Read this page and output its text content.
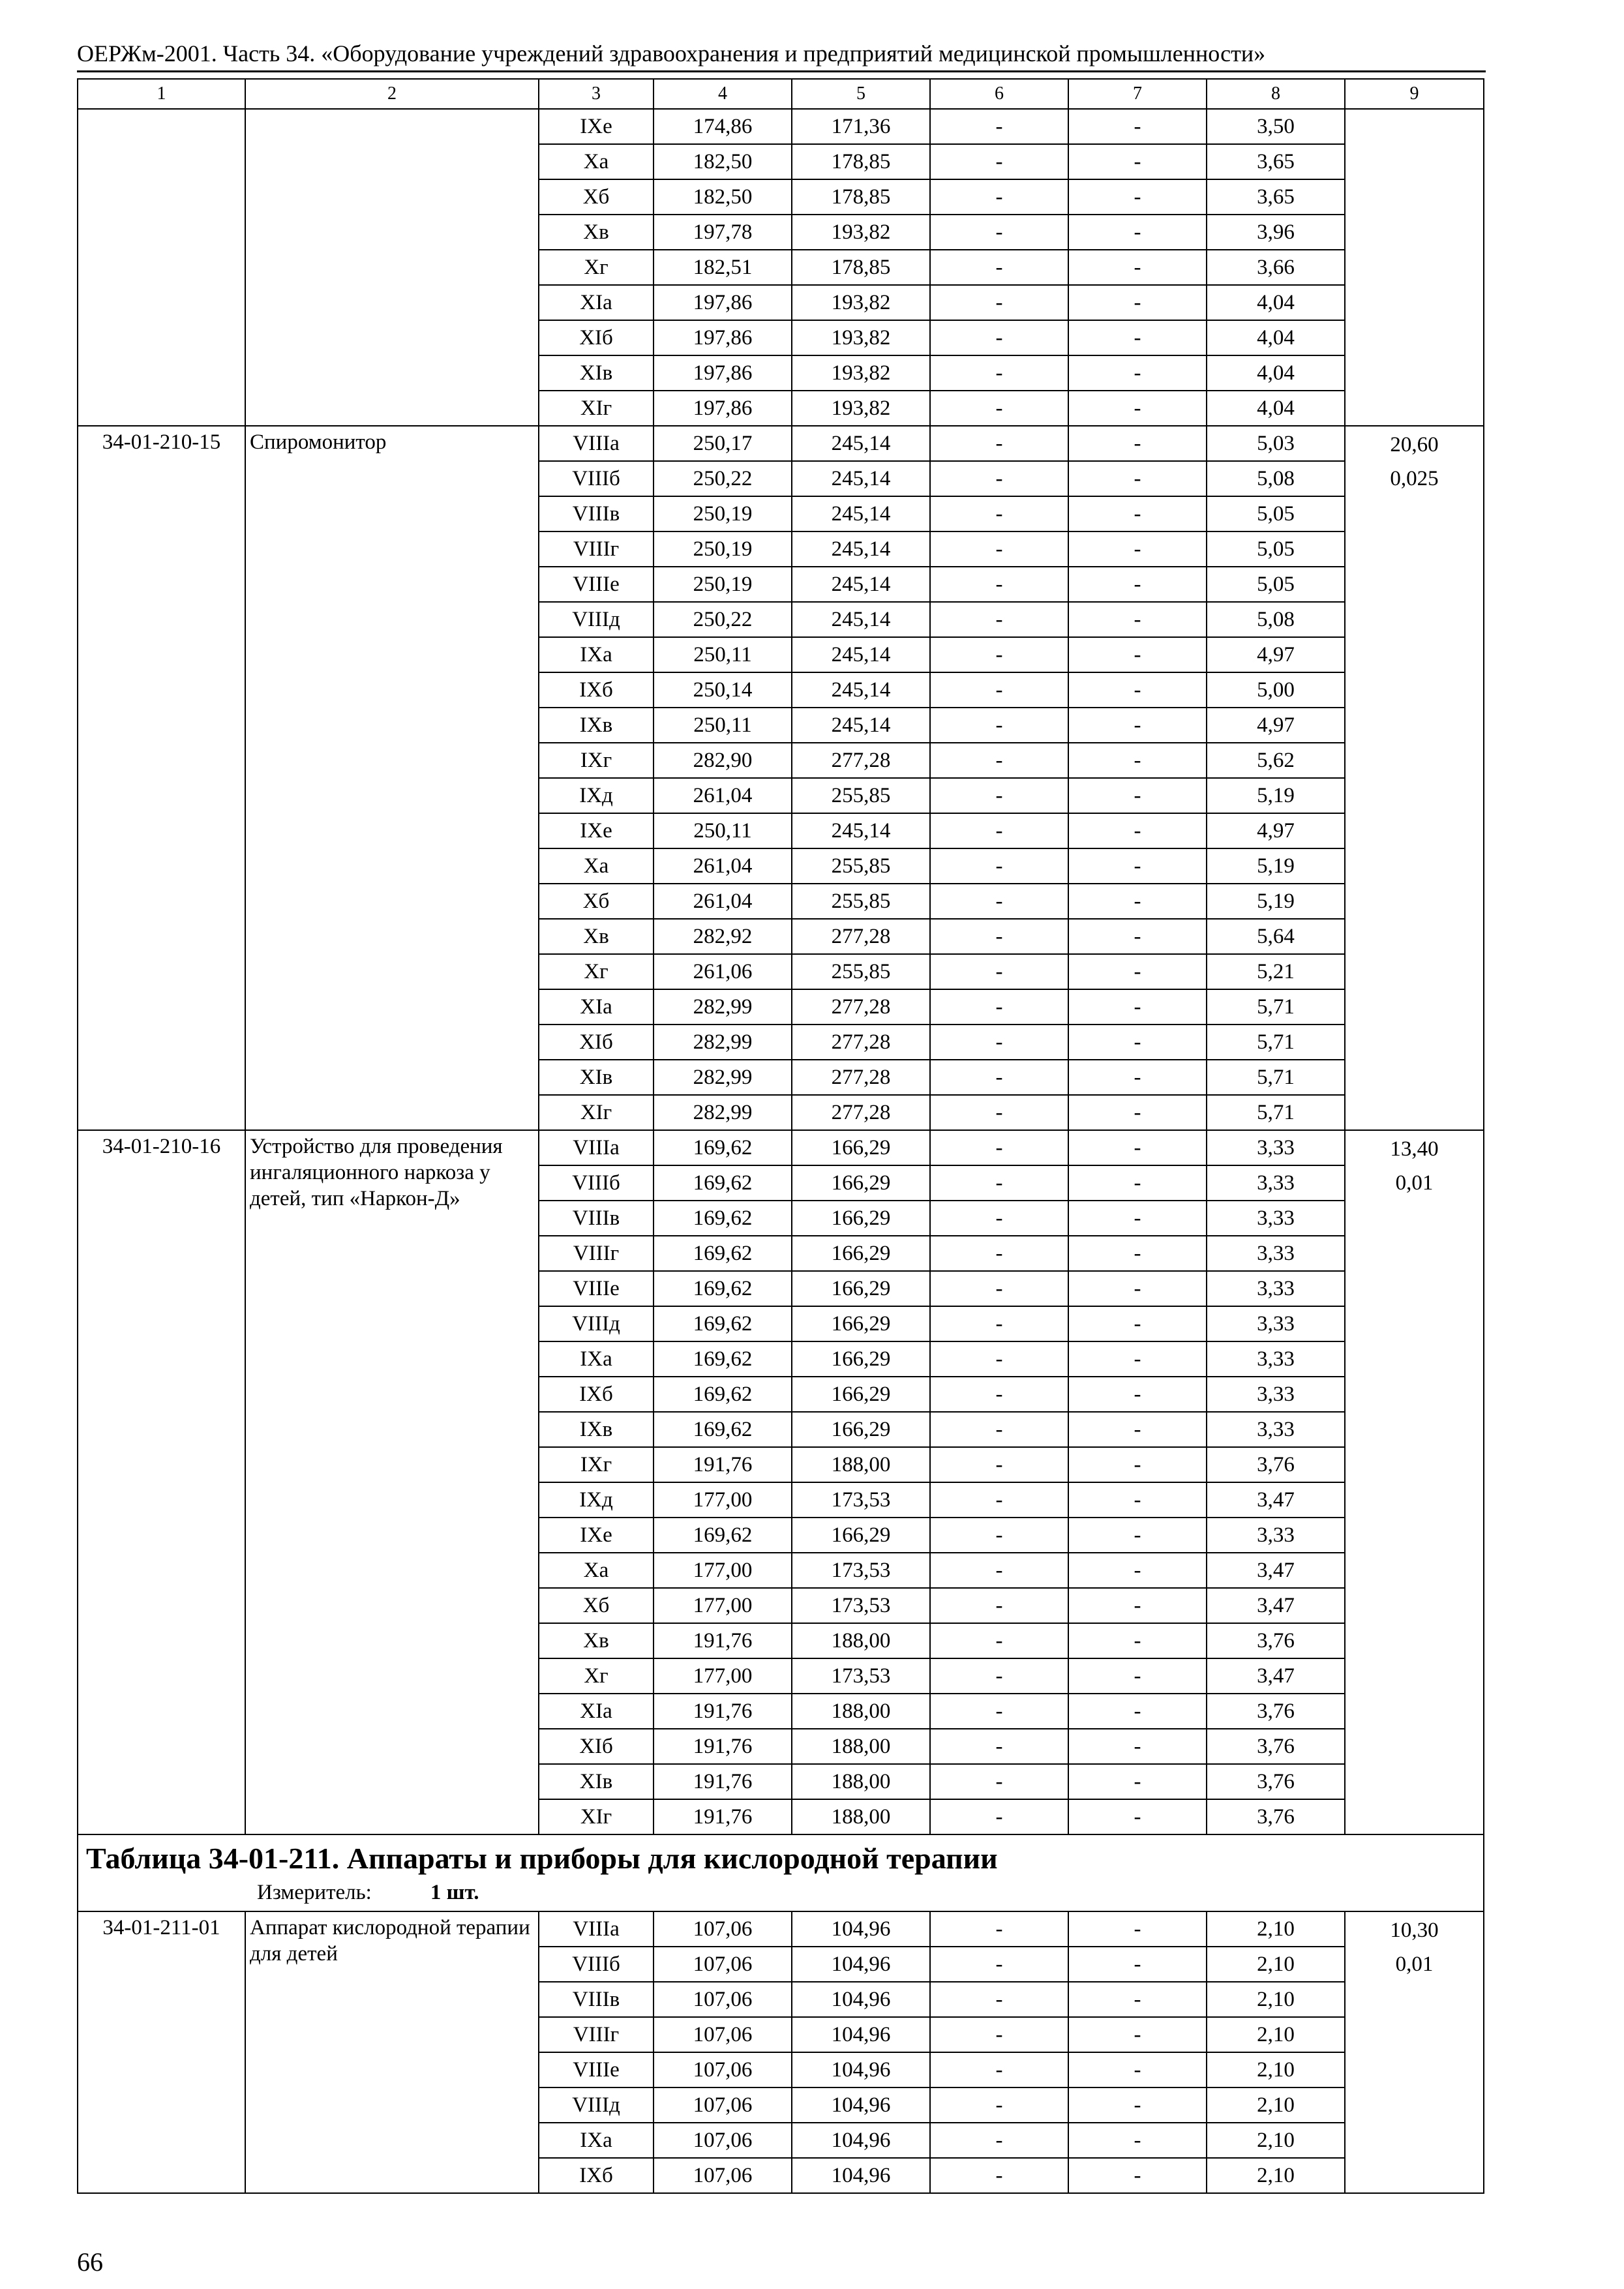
ОЕРЖм-2001. Часть 34. «Оборудование учреждений здравоохранения и предприятий медицинской промышленности»
1	2	3	4	5	6	7	8	9
		IXе	174,86	171,36	-	-	3,50	
		Xа	182,50	178,85	-	-	3,65	
		Xб	182,50	178,85	-	-	3,65	
		Xв	197,78	193,82	-	-	3,96	
		Xг	182,51	178,85	-	-	3,66	
		XIа	197,86	193,82	-	-	4,04	
		XIб	197,86	193,82	-	-	4,04	
		XIв	197,86	193,82	-	-	4,04	
		XIг	197,86	193,82	-	-	4,04	
34-01-210-15	Спиромонитор	VIIIа	250,17	245,14	-	-	5,03	20,60
0,025

		VIIIб	250,22	245,14	-	-	5,08	
		VIIIв	250,19	245,14	-	-	5,05	
		VIIIг	250,19	245,14	-	-	5,05	
		VIIIе	250,19	245,14	-	-	5,05	
		VIIIд	250,22	245,14	-	-	5,08	
		IXа	250,11	245,14	-	-	4,97	
		IXб	250,14	245,14	-	-	5,00	
		IXв	250,11	245,14	-	-	4,97	
		IXг	282,90	277,28	-	-	5,62	
		IXд	261,04	255,85	-	-	5,19	
		IXе	250,11	245,14	-	-	4,97	
		Xа	261,04	255,85	-	-	5,19	
		Xб	261,04	255,85	-	-	5,19	
		Xв	282,92	277,28	-	-	5,64	
		Xг	261,06	255,85	-	-	5,21	
		XIа	282,99	277,28	-	-	5,71	
		XIб	282,99	277,28	-	-	5,71	
		XIв	282,99	277,28	-	-	5,71	
		XIг	282,99	277,28	-	-	5,71	
34-01-210-16	Устройство для проведения ингаляционного наркоза у детей, тип «Наркон-Д»	VIIIа	169,62	166,29	-	-	3,33	13,40
0,01

		VIIIб	169,62	166,29	-	-	3,33	
		VIIIв	169,62	166,29	-	-	3,33	
		VIIIг	169,62	166,29	-	-	3,33	
		VIIIе	169,62	166,29	-	-	3,33	
		VIIIд	169,62	166,29	-	-	3,33	
		IXа	169,62	166,29	-	-	3,33	
		IXб	169,62	166,29	-	-	3,33	
		IXв	169,62	166,29	-	-	3,33	
		IXг	191,76	188,00	-	-	3,76	
		IXд	177,00	173,53	-	-	3,47	
		IXе	169,62	166,29	-	-	3,33	
		Xа	177,00	173,53	-	-	3,47	
		Xб	177,00	173,53	-	-	3,47	
		Xв	191,76	188,00	-	-	3,76	
		Xг	177,00	173,53	-	-	3,47	
		XIа	191,76	188,00	-	-	3,76	
		XIб	191,76	188,00	-	-	3,76	
		XIв	191,76	188,00	-	-	3,76	
		XIг	191,76	188,00	-	-	3,76	

Таблица 34-01-211. Аппараты и приборы для кислородной терапии
Измеритель: 1 шт.								

34-01-211-01	Аппарат кислородной терапии для детей	VIIIа	107,06	104,96	-	-	2,10	10,30
0,01

		VIIIб	107,06	104,96	-	-	2,10	
		VIIIв	107,06	104,96	-	-	2,10	
		VIIIг	107,06	104,96	-	-	2,10	
		VIIIе	107,06	104,96	-	-	2,10	
		VIIIд	107,06	104,96	-	-	2,10	
		IXа	107,06	104,96	-	-	2,10	
		IXб	107,06	104,96	-	-	2,10	
66
